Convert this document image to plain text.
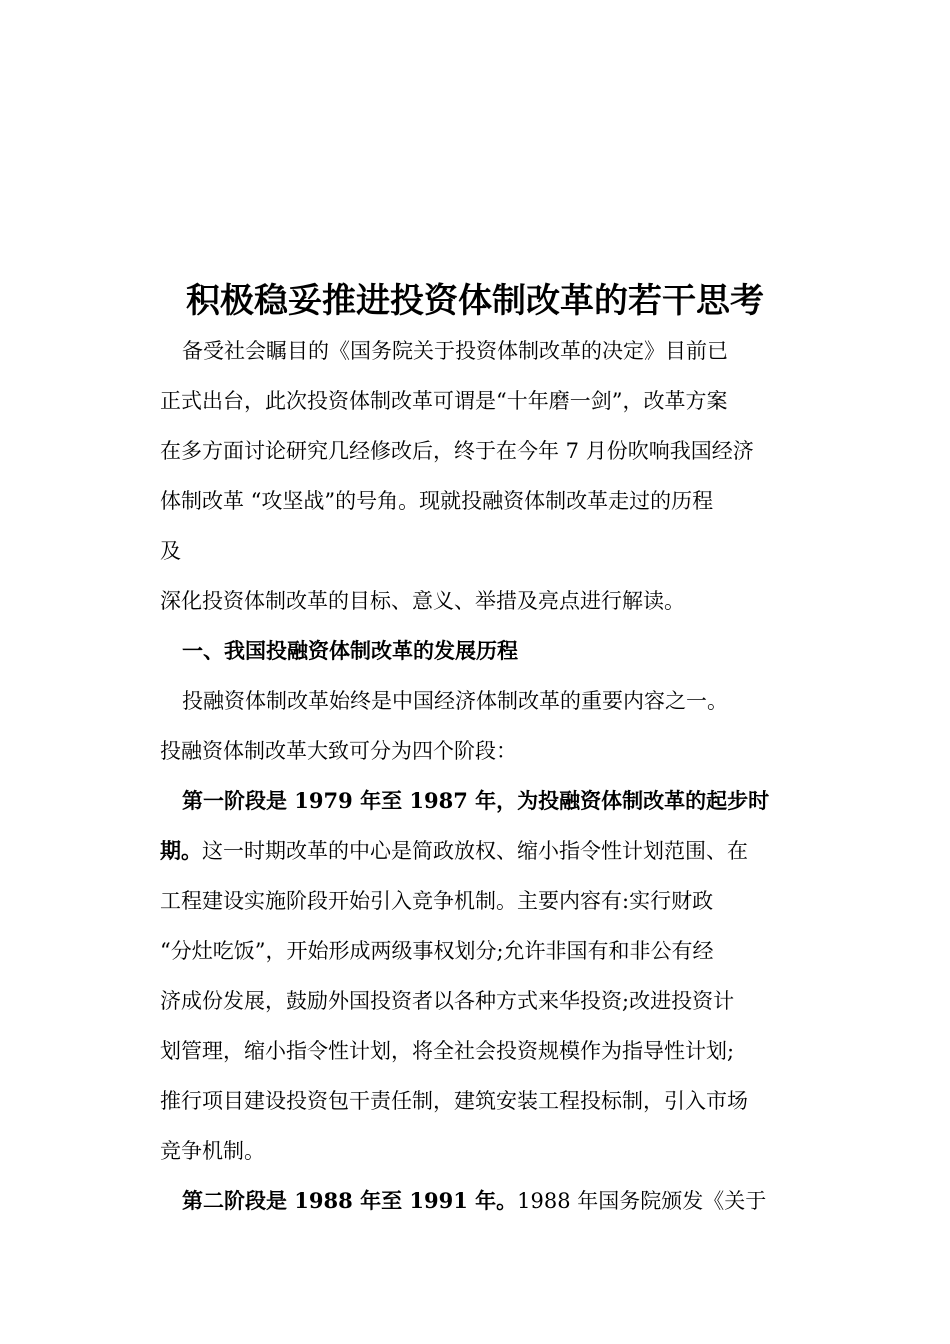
积极稳妥推进投资体制改革的若干思考
备受社会瞩目的《国务院关于投资体制改革的决定》目前已
正式出台，此次投资体制改革可谓是“十年磨一剑”，改革方案
在多方面讨论研究几经修改后，终于在今年 7 月份吹响我国经济
体制改革 “攻坚战”的号角。现就投融资体制改革走过的历程
及
深化投资体制改革的目标、意义、举措及亮点进行解读。
一、我国投融资体制改革的发展历程
投融资体制改革始终是中国经济体制改革的重要内容之一。
投融资体制改革大致可分为四个阶段：
第一阶段是 1979 年至 1987 年，为投融资体制改革的起步时
期。这一时期改革的中心是简政放权、缩小指令性计划范围、在
工程建设实施阶段开始引入竞争机制。主要内容有:实行财政
“分灶吃饭”，开始形成两级事权划分;允许非国有和非公有经
济成份发展，鼓励外国投资者以各种方式来华投资;改进投资计
划管理，缩小指令性计划，将全社会投资规模作为指导性计划;
推行项目建设投资包干责任制，建筑安装工程投标制，引入市场
竞争机制。
第二阶段是 1988 年至 1991 年。1988 年国务院颁发《关于
